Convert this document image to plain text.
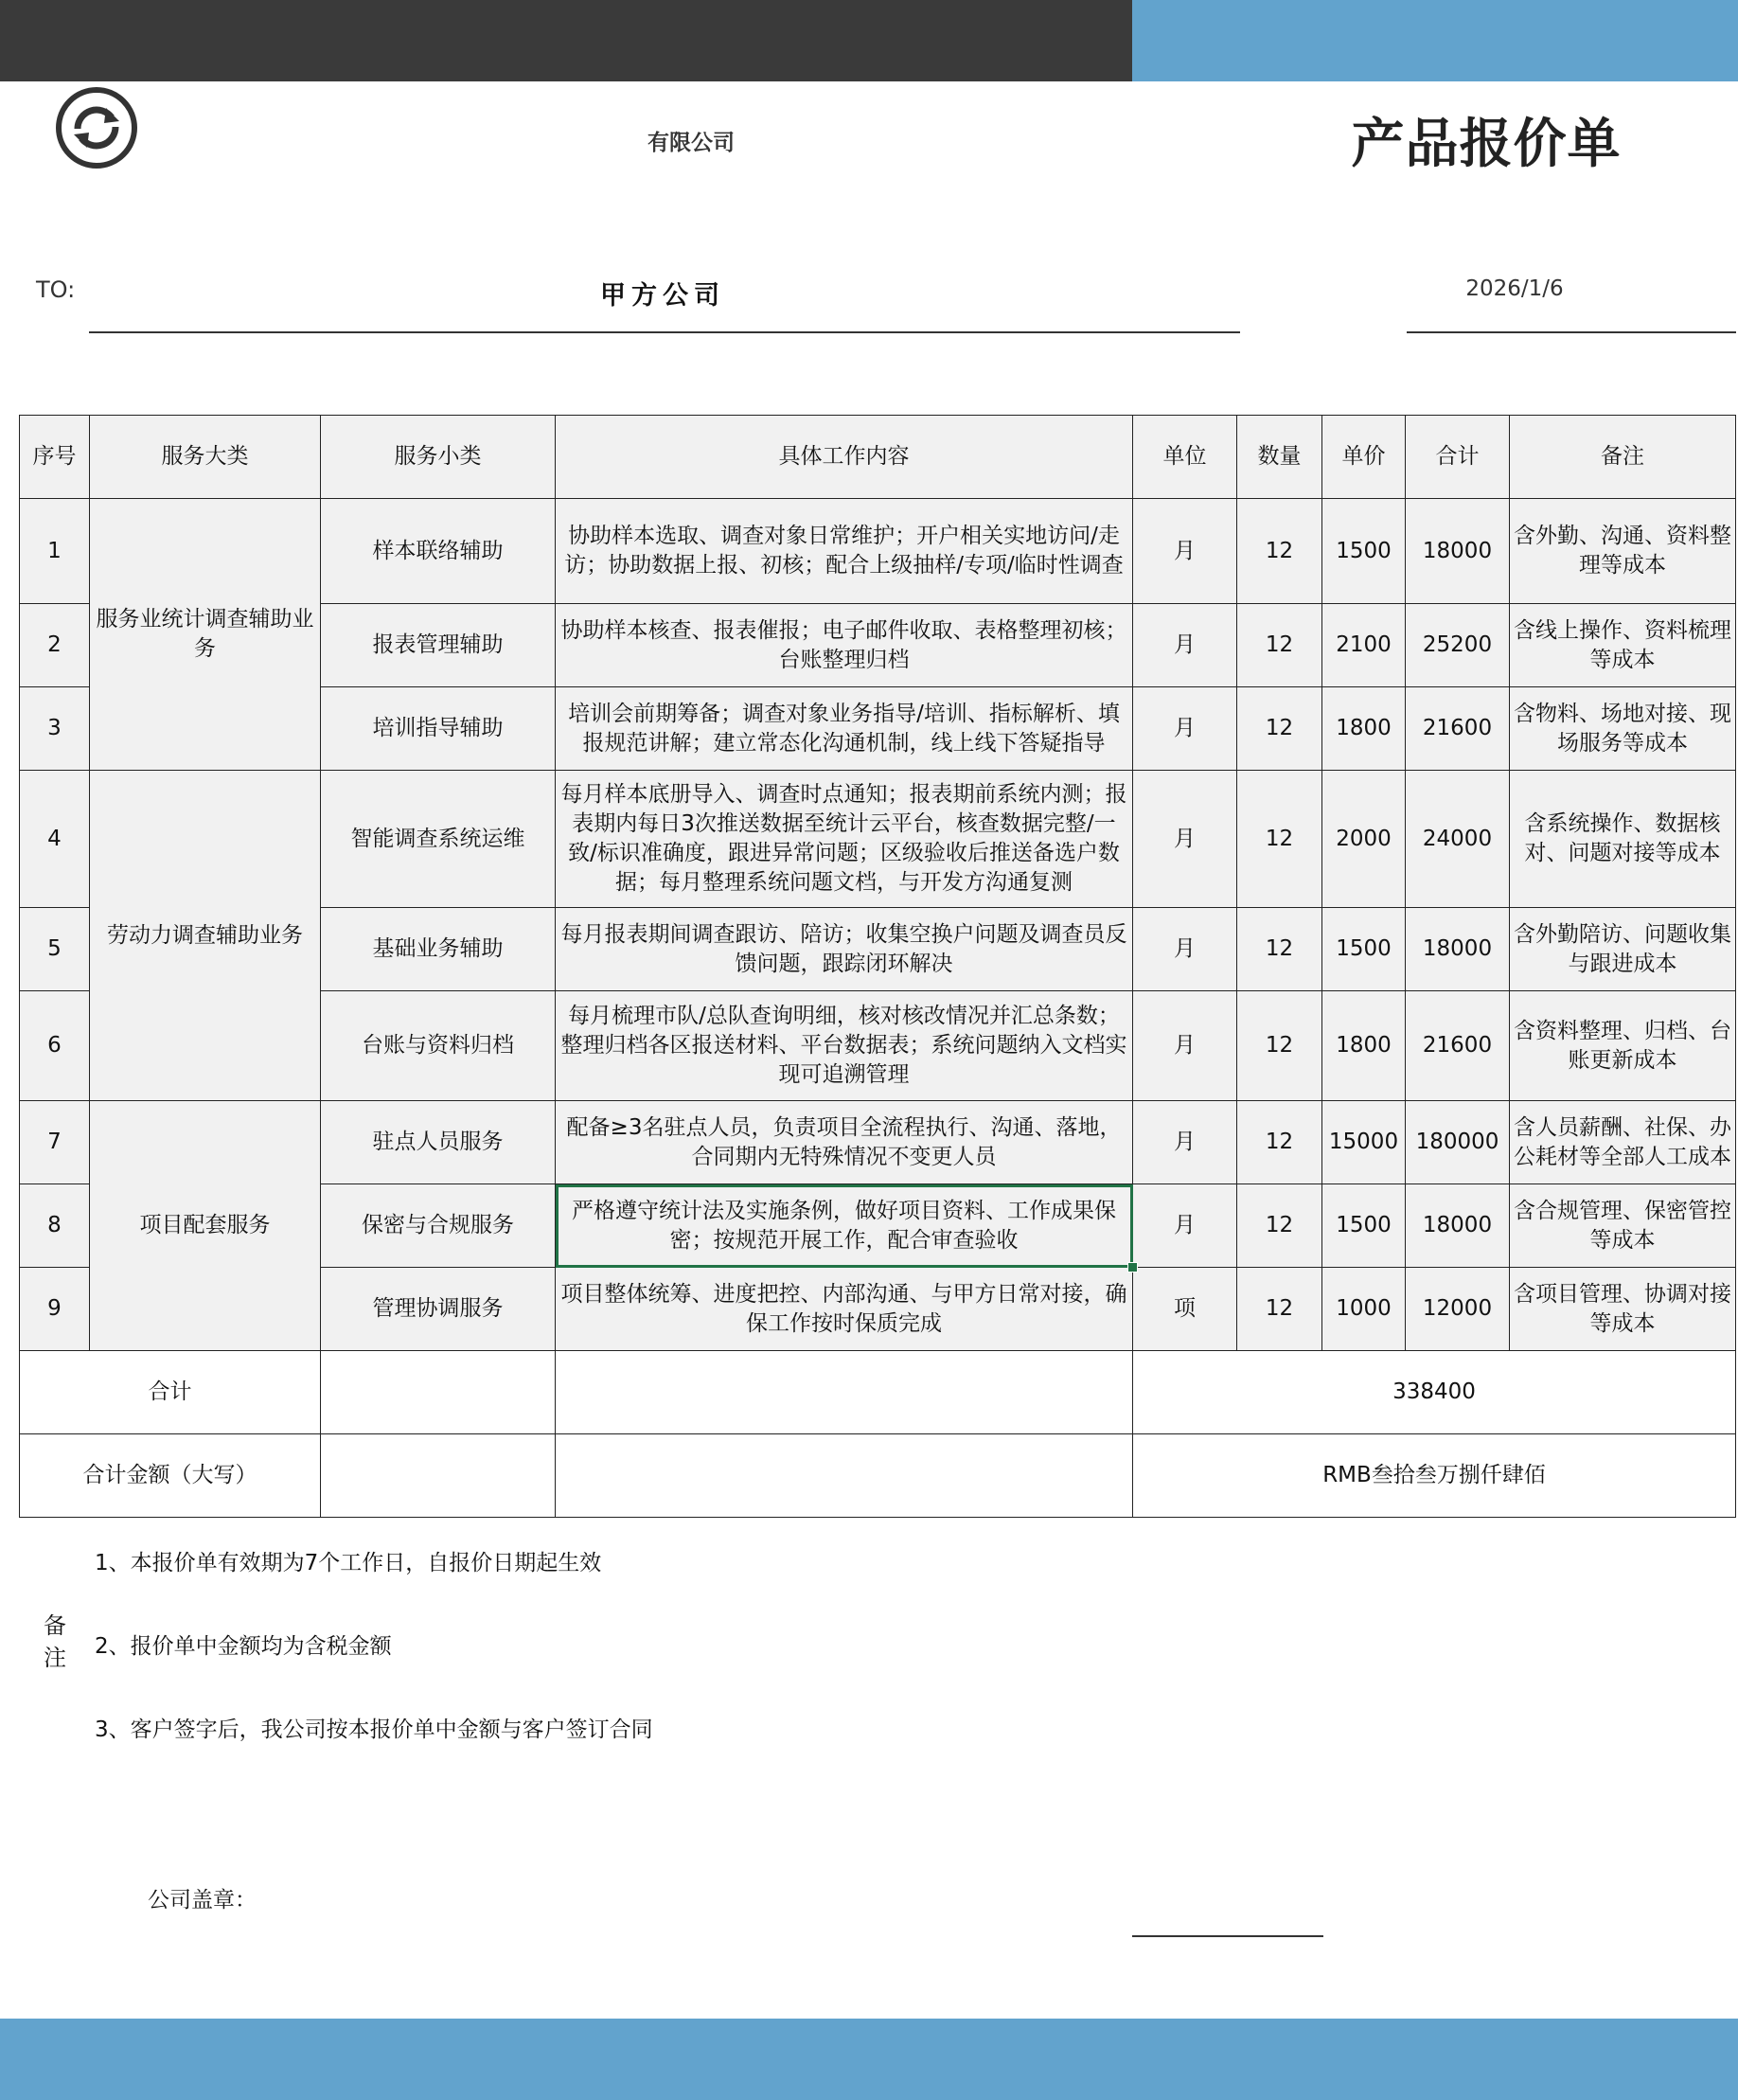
有限公司	产品报价单
TO:	甲方公司	2026/1/6
序号	服务大类	服务小类	具体工作内容	单位	数量	单价	合计	备注
1	服务业统计调查辅助业务	样本联络辅助	协助样本选取、调查对象日常维护；开户相关实地访问/走访；协助数据上报、初核；配合上级抽样/专项/临时性调查	月	12	1500	18000	含外勤、沟通、资料整理等成本
2		报表管理辅助	协助样本核查、报表催报；电子邮件收取、表格整理初核；台账整理归档	月	12	2100	25200	含线上操作、资料梳理等成本
3		培训指导辅助	培训会前期筹备；调查对象业务指导/培训、指标解析、填报规范讲解；建立常态化沟通机制，线上线下答疑指导	月	12	1800	21600	含物料、场地对接、现场服务等成本
4	劳动力调查辅助业务	智能调查系统运维	每月样本底册导入、调查时点通知；报表期前系统内测；报表期内每日3次推送数据至统计云平台，核查数据完整/一致/标识准确度，跟进异常问题；区级验收后推送备选户数据；每月整理系统问题文档，与开发方沟通复测	月	12	2000	24000	含系统操作、数据核对、问题对接等成本
5		基础业务辅助	每月报表期间调查跟访、陪访；收集空换户问题及调查员反馈问题，跟踪闭环解决	月	12	1500	18000	含外勤陪访、问题收集与跟进成本
6		台账与资料归档	每月梳理市队/总队查询明细，核对核改情况并汇总条数；整理归档各区报送材料、平台数据表；系统问题纳入文档实现可追溯管理	月	12	1800	21600	含资料整理、归档、台账更新成本
7	项目配套服务	驻点人员服务	配备≥3名驻点人员，负责项目全流程执行、沟通、落地，合同期内无特殊情况不变更人员	月	12	15000	180000	含人员薪酬、社保、办公耗材等全部人工成本
8		保密与合规服务	严格遵守统计法及实施条例，做好项目资料、工作成果保密；按规范开展工作，配合审查验收	月	12	1500	18000	含合规管理、保密管控等成本
9		管理协调服务	项目整体统筹、进度把控、内部沟通、与甲方日常对接，确保工作按时保质完成	项	12	1000	12000	含项目管理、协调对接等成本
合计				338400				
合计金额（大写）				RMB叁拾叁万捌仟肆佰				
备注
1、本报价单有效期为7个工作日，自报价日期起生效
2、报价单中金额均为含税金额
3、客户签字后，我公司按本报价单中金额与客户签订合同
公司盖章：
